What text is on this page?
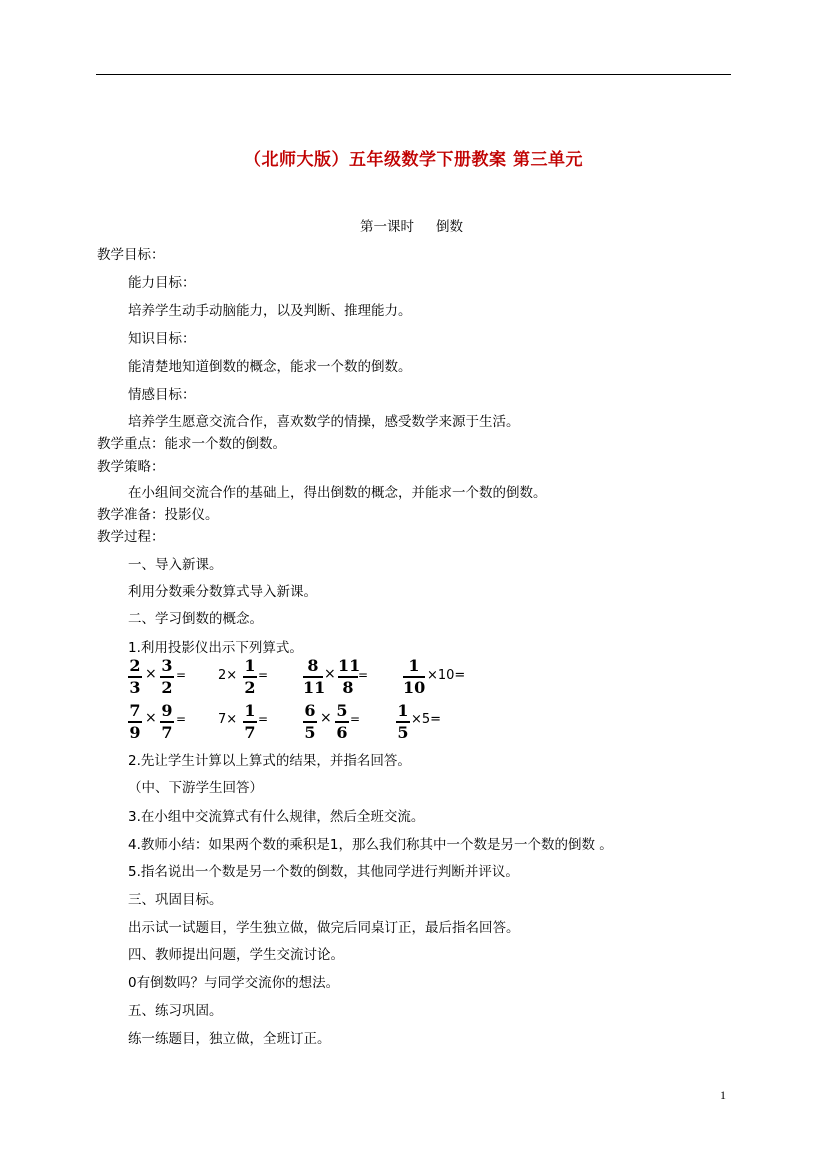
（北师大版）五年级数学下册教案 第三单元
第一课时 倒数
教学目标：
能力目标：
培养学生动手动脑能力，以及判断、推理能力。
知识目标：
能清楚地知道倒数的概念，能求一个数的倒数。
情感目标：
培养学生愿意交流合作，喜欢数学的情操，感受数学来源于生活。
教学重点：能求一个数的倒数。
教学策略：
在小组间交流合作的基础上，得出倒数的概念，并能求一个数的倒数。
教学准备：投影仪。
教学过程：
一、导入新课。
利用分数乘分数算式导入新课。
二、学习倒数的概念。
1.利用投影仪出示下列算式。
2
3
× 3
2
= 2×
1
2
= 8
11
× 11
8
=	1
10
×10=
7
9
× 9
7
= 7× 1
7
= 6
5
× 5
6
= 1
5
×5=
2.先让学生计算以上算式的结果，并指名回答。
（中、下游学生回答）
3.在小组中交流算式有什么规律，然后全班交流。
4.教师小结：如果两个数的乘积是1，那么我们称其中一个数是另一个数的倒数 。
5.指名说出一个数是另一个数的倒数，其他同学进行判断并评议。
三、巩固目标。
出示试一试题目，学生独立做，做完后同桌订正，最后指名回答。
四、教师提出问题，学生交流讨论。
0有倒数吗？与同学交流你的想法。
五、练习巩固。
练一练题目，独立做，全班订正。
1
